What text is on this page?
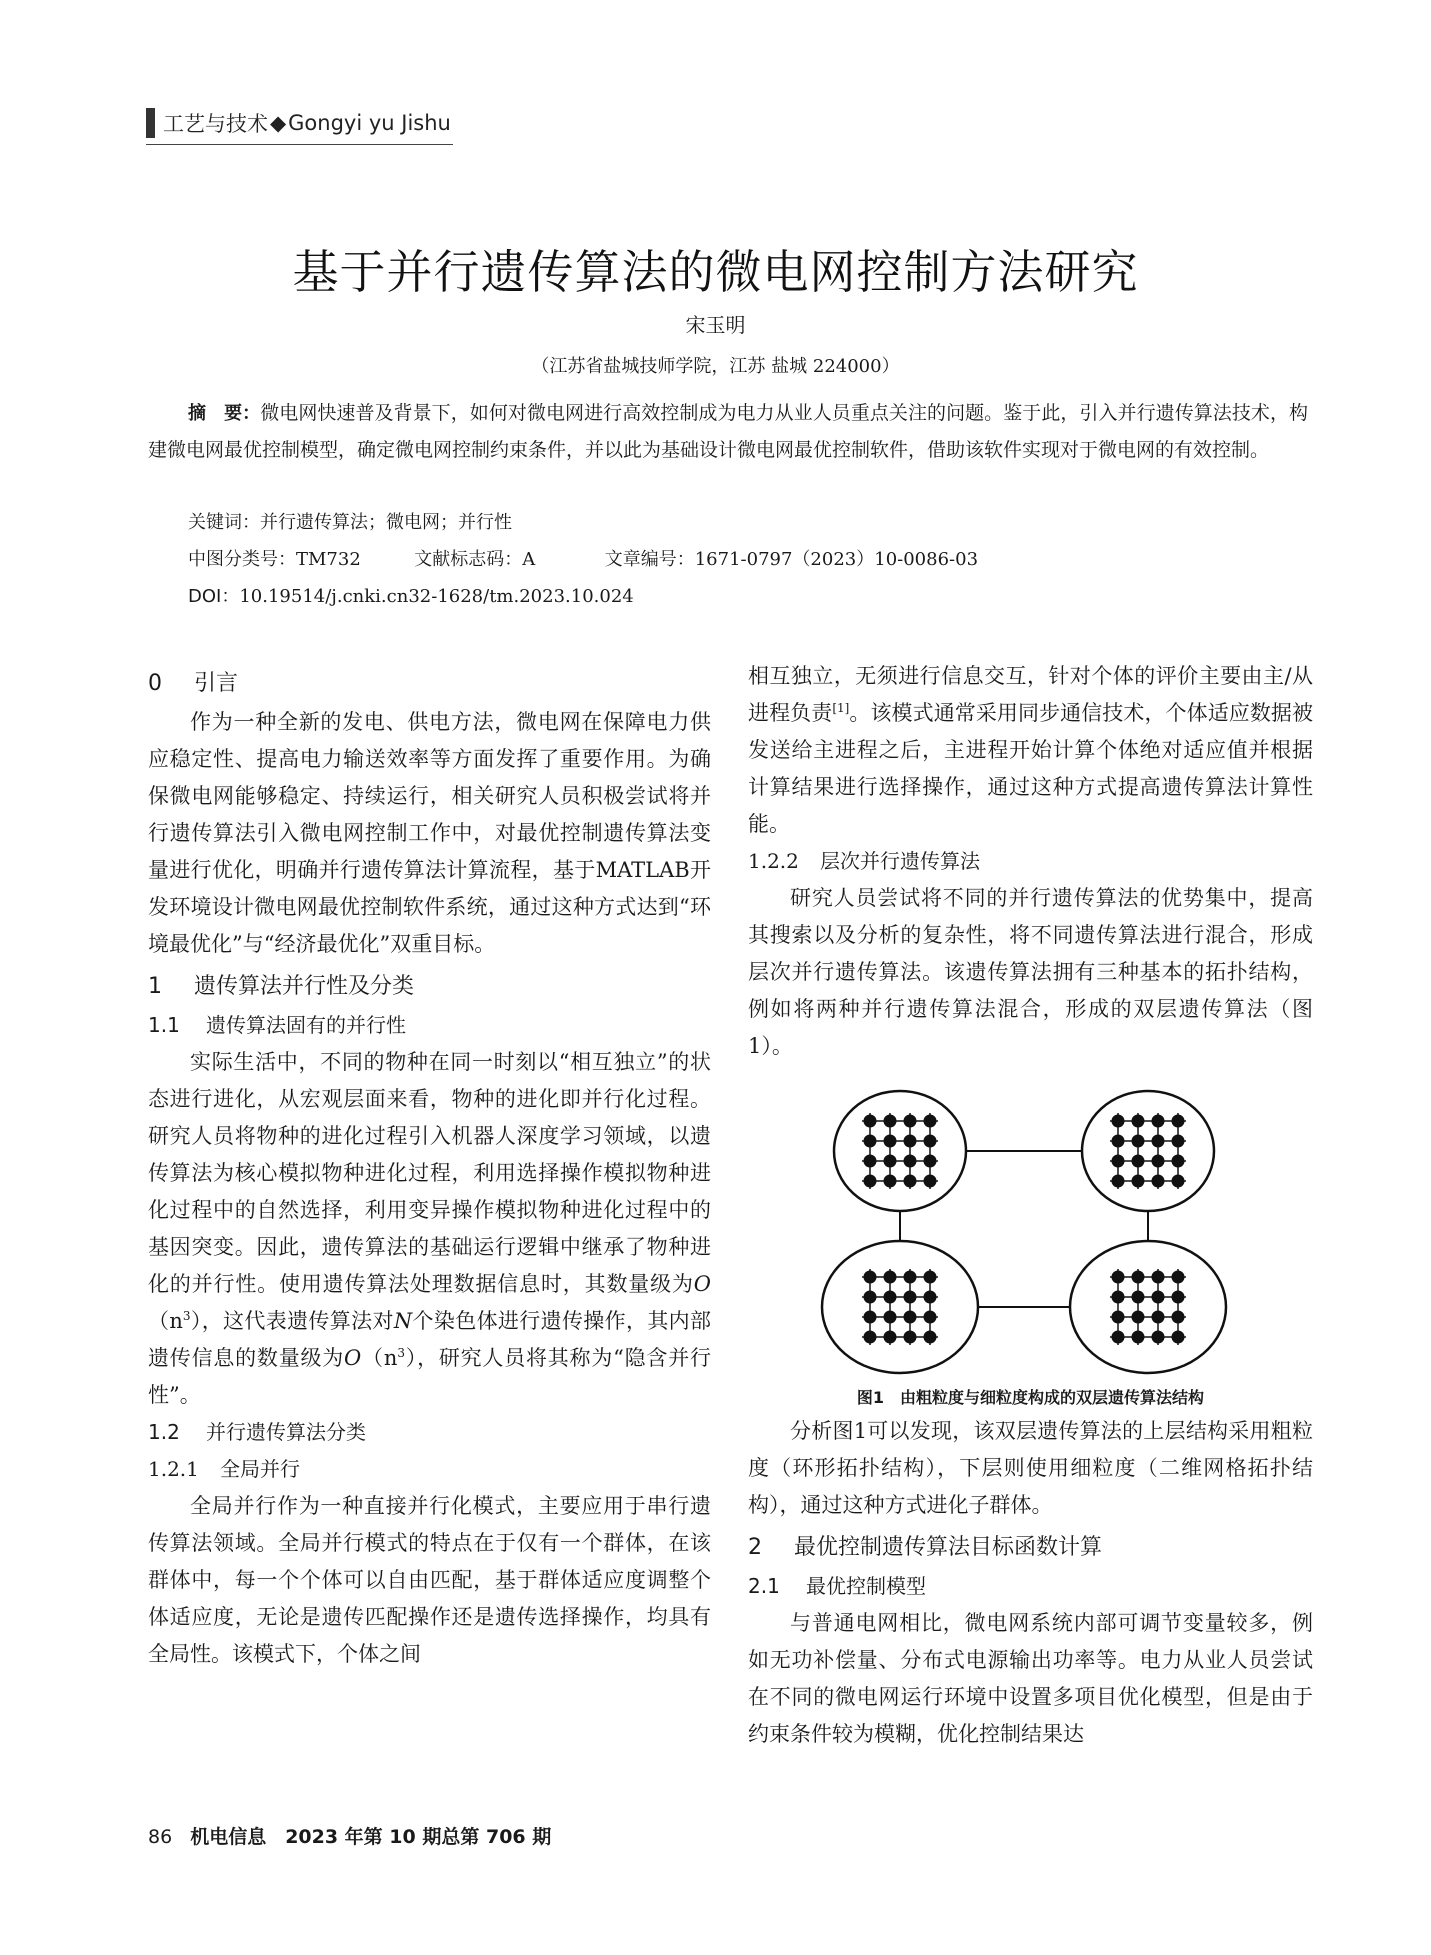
工艺与技术 ◆ Gongyi yu Jishu
基于并行遗传算法的微电网控制方法研究
宋玉明
（江苏省盐城技师学院，江苏 盐城 224000）

摘　要：微电网快速普及背景下，如何对微电网进行高效控制成为电力从业人员重点关注的问题。鉴于此，引入并行遗传算法技术，构建微电网最优控制模型，确定微电网控制约束条件，并以此为基础设计微电网最优控制软件，借助该软件实现对于微电网的有效控制。

关键词：并行遗传算法；微电网；并行性
中图分类号：TM732	文献标志码：A	文章编号：1671-0797（2023）10-0086-03
DOI：10.19514/j.cnki.cn32-1628/tm.2023.10.024
0 引言

作为一种全新的发电、供电方法，微电网在保障电力供应稳定性、提高电力输送效率等方面发挥了重要作用。为确保微电网能够稳定、持续运行，相关研究人员积极尝试将并行遗传算法引入微电网控制工作中，对最优控制遗传算法变量进行优化，明确并行遗传算法计算流程，基于MATLAB开发环境设计微电网最优控制软件系统，通过这种方式达到“环境最优化”与“经济最优化”双重目标。

1 遗传算法并行性及分类
1.1 遗传算法固有的并行性

实际生活中，不同的物种在同一时刻以“相互独立”的状态进行进化，从宏观层面来看，物种的进化即并行化过程。研究人员将物种的进化过程引入机器人深度学习领域，以遗传算法为核心模拟物种进化过程，利用选择操作模拟物种进化过程中的自然选择，利用变异操作模拟物种进化过程中的基因突变。因此，遗传算法的基础运行逻辑中继承了物种进化的并行性。使用遗传算法处理数据信息时，其数量级为$O(n^3)$，这代表遗传算法对N个染色体进行遗传操作，其内部遗传信息的数量级为$O(n^3)$，研究人员将其称为“隐含并行性”。

1.2 并行遗传算法分类
1.2.1 全局并行

全局并行作为一种直接并行化模式，主要应用于串行遗传算法领域。全局并行模式的特点在于仅有一个群体，在该群体中，每一个个体可以自由匹配，基于群体适应度调整个体适应度，无论是遗传匹配操作还是遗传选择操作，均具有全局性。该模式下，个体之间

相互独立，无须进行信息交互，针对个体的评价主要由主/从进程负责[1]。该模式通常采用同步通信技术，个体适应数据被发送给主进程之后，主进程开始计算个体绝对适应值并根据计算结果进行选择操作，通过这种方式提高遗传算法计算性能。

1.2.2 层次并行遗传算法

研究人员尝试将不同的并行遗传算法的优势集中，提高其搜索以及分析的复杂性，将不同遗传算法进行混合，形成层次并行遗传算法。该遗传算法拥有三种基本的拓扑结构，例如将两种并行遗传算法混合，形成的双层遗传算法（图1）。

图1　由粗粒度与细粒度构成的双层遗传算法结构

分析图1可以发现，该双层遗传算法的上层结构采用粗粒度（环形拓扑结构），下层则使用细粒度（二维网格拓扑结构），通过这种方式进化子群体。

2 最优控制遗传算法目标函数计算
2.1 最优控制模型

与普通电网相比，微电网系统内部可调节变量较多，例如无功补偿量、分布式电源输出功率等。电力从业人员尝试在不同的微电网运行环境中设置多项目优化模型，但是由于约束条件较为模糊，优化控制结果达

86 机电信息　2023 年第 10 期总第 706 期
